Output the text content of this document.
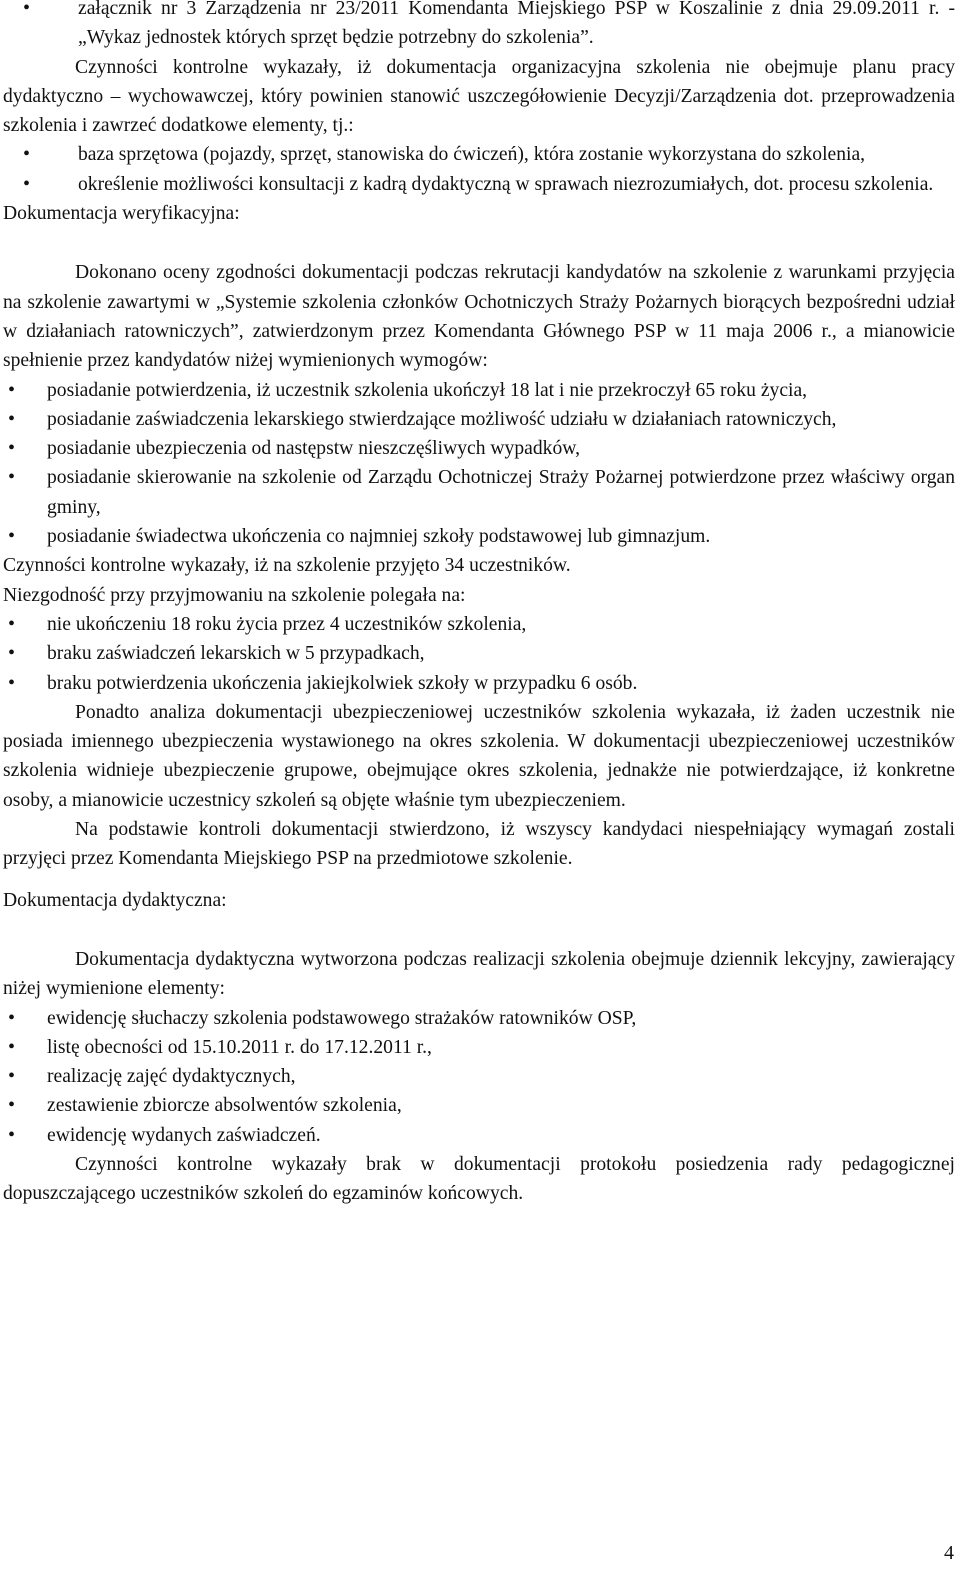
• załącznik nr 3 Zarządzenia nr 23/2011 Komendanta Miejskiego PSP w Koszalinie z dnia 29.09.2011 r. - „Wykaz jednostek których sprzęt będzie potrzebny do szkolenia”.

Czynności kontrolne wykazały, iż dokumentacja organizacyjna szkolenia nie obejmuje planu pracy dydaktyczno – wychowawczej, który powinien stanowić uszczegółowienie Decyzji/Zarządzenia dot. przeprowadzenia szkolenia i zawrzeć dodatkowe elementy, tj.:

• baza sprzętowa (pojazdy, sprzęt, stanowiska do ćwiczeń), która zostanie wykorzystana do szkolenia,
• określenie możliwości konsultacji z kadrą dydaktyczną w sprawach niezrozumiałych, dot. procesu szkolenia.

Dokumentacja weryfikacyjna:

Dokonano oceny zgodności dokumentacji podczas rekrutacji kandydatów na szkolenie z warunkami przyjęcia na szkolenie zawartymi w „Systemie szkolenia członków Ochotniczych Straży Pożarnych biorących bezpośredni udział w działaniach ratowniczych”, zatwierdzonym przez Komendanta Głównego PSP w 11 maja 2006 r., a mianowicie spełnienie przez kandydatów niżej wymienionych wymogów:

• posiadanie potwierdzenia, iż uczestnik szkolenia ukończył 18 lat i nie przekroczył 65 roku życia,
• posiadanie zaświadczenia lekarskiego stwierdzające możliwość udziału w działaniach ratowniczych,
• posiadanie ubezpieczenia od następstw nieszczęśliwych wypadków,
• posiadanie skierowanie na szkolenie od Zarządu Ochotniczej Straży Pożarnej potwierdzone przez właściwy organ gminy,
• posiadanie świadectwa ukończenia co najmniej szkoły podstawowej lub gimnazjum.

Czynności kontrolne wykazały, iż na szkolenie przyjęto 34 uczestników.

Niezgodność przy przyjmowaniu na szkolenie polegała na:

• nie ukończeniu 18 roku życia przez 4 uczestników szkolenia,
• braku zaświadczeń lekarskich w 5 przypadkach,
• braku potwierdzenia ukończenia jakiejkolwiek szkoły w przypadku 6 osób.

Ponadto analiza dokumentacji ubezpieczeniowej uczestników szkolenia wykazała, iż żaden uczestnik nie posiada imiennego ubezpieczenia wystawionego na okres szkolenia. W dokumentacji ubezpieczeniowej uczestników szkolenia widnieje ubezpieczenie grupowe, obejmujące okres szkolenia, jednakże nie potwierdzające, iż konkretne osoby, a mianowicie uczestnicy szkoleń są objęte właśnie tym ubezpieczeniem.

Na podstawie kontroli dokumentacji stwierdzono, iż wszyscy kandydaci niespełniający wymagań zostali przyjęci przez Komendanta Miejskiego PSP na przedmiotowe szkolenie.

Dokumentacja dydaktyczna:

Dokumentacja dydaktyczna wytworzona podczas realizacji szkolenia obejmuje dziennik lekcyjny, zawierający niżej wymienione elementy:

• ewidencję słuchaczy szkolenia podstawowego strażaków ratowników OSP,
• listę obecności od 15.10.2011 r. do 17.12.2011 r.,
• realizację zajęć dydaktycznych,
• zestawienie zbiorcze absolwentów szkolenia,
• ewidencję wydanych zaświadczeń.

Czynności kontrolne wykazały brak w dokumentacji protokołu posiedzenia rady pedagogicznej dopuszczającego uczestników szkoleń do egzaminów końcowych.

4
